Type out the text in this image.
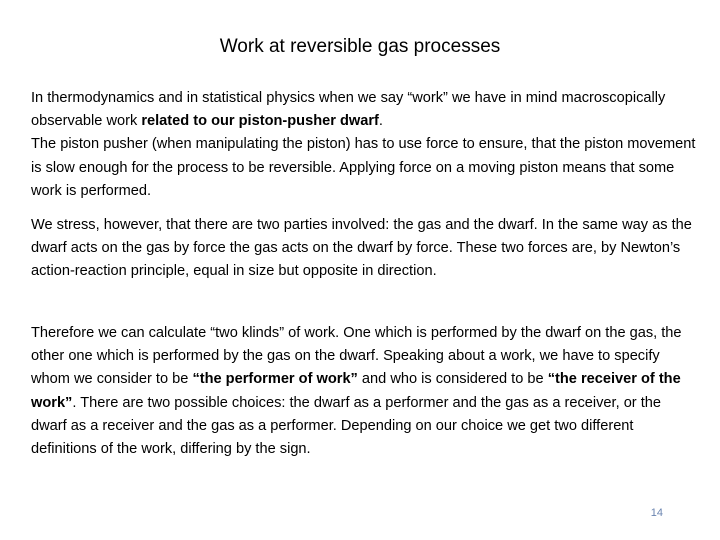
Work at reversible gas processes

In thermodynamics and in statistical physics when we say “work” we have in mind macroscopically observable work related to our piston-pusher dwarf.
The piston pusher (when manipulating the piston) has to use force to ensure, that the piston movement is slow enough for the process to be reversible. Applying force on a moving piston means that some work is performed.

We stress, however, that there are two parties involved: the gas and the dwarf. In the same way as the dwarf acts on the gas by force the gas acts on the dwarf by force. These two forces are, by Newton’s action-reaction principle, equal in size but opposite in direction.

Therefore we can calculate “two klinds” of work. One which is performed by the dwarf on the gas, the other one which is performed by the gas on the dwarf. Speaking about a work, we have to specify whom we consider to be “the performer of work” and who is considered to be “the receiver of the work”. There are two possible choices: the dwarf as a performer and the gas as a receiver, or the dwarf as a receiver and the gas as a performer. Depending on our choice we get two different definitions of the work, differing by the sign.

14
